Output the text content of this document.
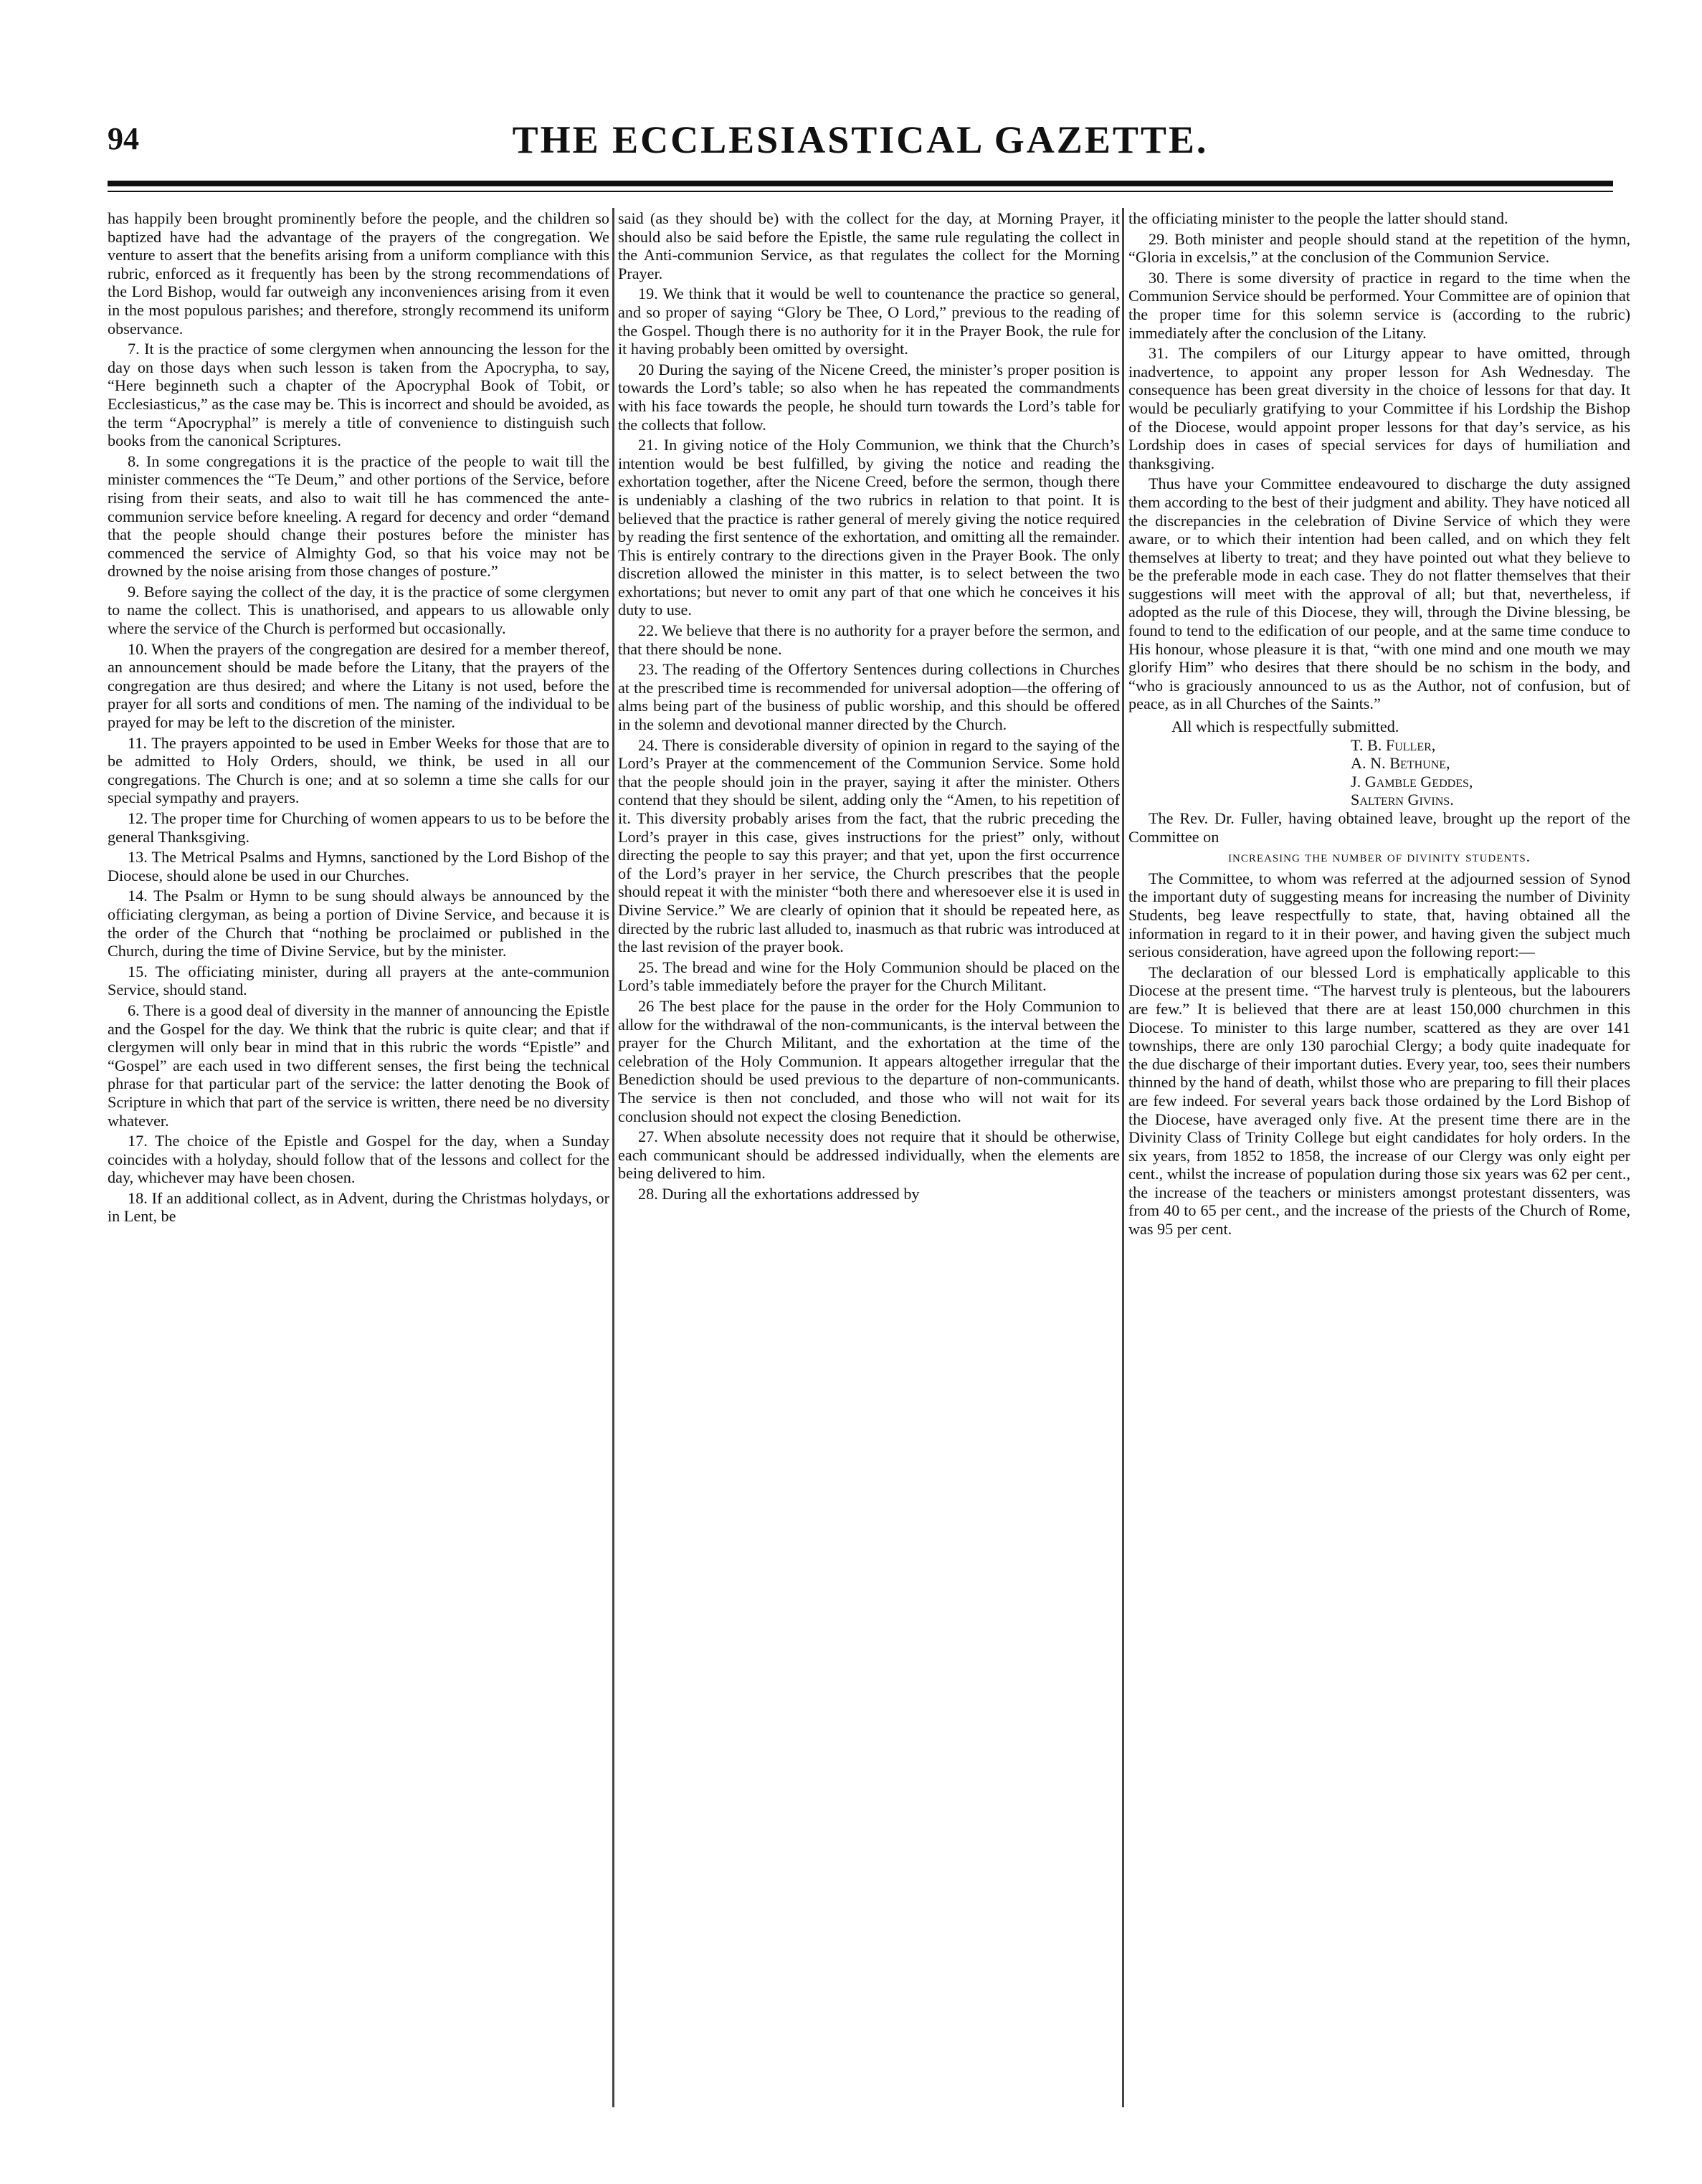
94	THE ECCLESIASTICAL GAZETTE.

has happily been brought prominently before the people, and the children so baptized have had the advantage of the prayers of the congregation. We venture to assert that the benefits arising from a uniform compliance with this rubric, enforced as it frequently has been by the strong recommendations of the Lord Bishop, would far outweigh any inconveniences arising from it even in the most populous parishes; and therefore, strongly recommend its uniform observance.

7. It is the practice of some clergymen when announcing the lesson for the day on those days when such lesson is taken from the Apocrypha, to say, “Here beginneth such a chapter of the Apocryphal Book of Tobit, or Ecclesiasticus,” as the case may be. This is incorrect and should be avoided, as the term “Apocryphal” is merely a title of convenience to distinguish such books from the canonical Scriptures.

8. In some congregations it is the practice of the people to wait till the minister commences the “Te Deum,” and other portions of the Service, before rising from their seats, and also to wait till he has commenced the ante-communion service before kneeling. A regard for decency and order “demand that the people should change their postures before the minister has commenced the service of Almighty God, so that his voice may not be drowned by the noise arising from those changes of posture.”

9. Before saying the collect of the day, it is the practice of some clergymen to name the collect. This is unathorised, and appears to us allowable only where the service of the Church is performed but occasionally.

10. When the prayers of the congregation are desired for a member thereof, an announcement should be made before the Litany, that the prayers of the congregation are thus desired; and where the Litany is not used, before the prayer for all sorts and conditions of men. The naming of the individual to be prayed for may be left to the discretion of the minister.

11. The prayers appointed to be used in Ember Weeks for those that are to be admitted to Holy Orders, should, we think, be used in all our congregations. The Church is one; and at so solemn a time she calls for our special sympathy and prayers.

12. The proper time for Churching of women appears to us to be before the general Thanksgiving.

13. The Metrical Psalms and Hymns, sanctioned by the Lord Bishop of the Diocese, should alone be used in our Churches.

14. The Psalm or Hymn to be sung should always be announced by the officiating clergyman, as being a portion of Divine Service, and because it is the order of the Church that “nothing be proclaimed or published in the Church, during the time of Divine Service, but by the minister.

15. The officiating minister, during all prayers at the ante-communion Service, should stand.

6. There is a good deal of diversity in the manner of announcing the Epistle and the Gospel for the day. We think that the rubric is quite clear; and that if clergymen will only bear in mind that in this rubric the words “Epistle” and “Gospel” are each used in two different senses, the first being the technical phrase for that particular part of the service: the latter denoting the Book of Scripture in which that part of the service is written, there need be no diversity whatever.

17. The choice of the Epistle and Gospel for the day, when a Sunday coincides with a holyday, should follow that of the lessons and collect for the day, whichever may have been chosen.

18. If an additional collect, as in Advent, during the Christmas holydays, or in Lent, be

said (as they should be) with the collect for the day, at Morning Prayer, it should also be said before the Epistle, the same rule regulating the collect in the Anti-communion Service, as that regulates the collect for the Morning Prayer.

19. We think that it would be well to countenance the practice so general, and so proper of saying “Glory be Thee, O Lord,” previous to the reading of the Gospel. Though there is no authority for it in the Prayer Book, the rule for it having probably been omitted by oversight.

20 During the saying of the Nicene Creed, the minister’s proper position is towards the Lord’s table; so also when he has repeated the commandments with his face towards the people, he should turn towards the Lord’s table for the collects that follow.

21. In giving notice of the Holy Communion, we think that the Church’s intention would be best fulfilled, by giving the notice and reading the exhortation together, after the Nicene Creed, before the sermon, though there is undeniably a clashing of the two rubrics in relation to that point. It is believed that the practice is rather general of merely giving the notice required by reading the first sentence of the exhortation, and omitting all the remainder. This is entirely contrary to the directions given in the Prayer Book. The only discretion allowed the minister in this matter, is to select between the two exhortations; but never to omit any part of that one which he conceives it his duty to use.

22. We believe that there is no authority for a prayer before the sermon, and that there should be none.

23. The reading of the Offertory Sentences during collections in Churches at the prescribed time is recommended for universal adoption—the offering of alms being part of the business of public worship, and this should be offered in the solemn and devotional manner directed by the Church.

24. There is considerable diversity of opinion in regard to the saying of the Lord’s Prayer at the commencement of the Communion Service. Some hold that the people should join in the prayer, saying it after the minister. Others contend that they should be silent, adding only the “Amen, to his repetition of it. This diversity probably arises from the fact, that the rubric preceding the Lord’s prayer in this case, gives instructions for the priest” only, without directing the people to say this prayer; and that yet, upon the first occurrence of the Lord’s prayer in her service, the Church prescribes that the people should repeat it with the minister “both there and wheresoever else it is used in Divine Service.” We are clearly of opinion that it should be repeated here, as directed by the rubric last alluded to, inasmuch as that rubric was introduced at the last revision of the prayer book.

25. The bread and wine for the Holy Communion should be placed on the Lord’s table immediately before the prayer for the Church Militant.

26 The best place for the pause in the order for the Holy Communion to allow for the withdrawal of the non-communicants, is the interval between the prayer for the Church Militant, and the exhortation at the time of the celebration of the Holy Communion. It appears altogether irregular that the Benediction should be used previous to the departure of non-communicants. The service is then not concluded, and those who will not wait for its conclusion should not expect the closing Benediction.

27. When absolute necessity does not require that it should be otherwise, each communicant should be addressed individually, when the elements are being delivered to him.

28. During all the exhortations addressed by

the officiating minister to the people the latter should stand.

29. Both minister and people should stand at the repetition of the hymn, “Gloria in excelsis,” at the conclusion of the Communion Service.

30. There is some diversity of practice in regard to the time when the Communion Service should be performed. Your Committee are of opinion that the proper time for this solemn service is (according to the rubric) immediately after the conclusion of the Litany.

31. The compilers of our Liturgy appear to have omitted, through inadvertence, to appoint any proper lesson for Ash Wednesday. The consequence has been great diversity in the choice of lessons for that day. It would be peculiarly gratifying to your Committee if his Lordship the Bishop of the Diocese, would appoint proper lessons for that day’s service, as his Lordship does in cases of special services for days of humiliation and thanksgiving.

Thus have your Committee endeavoured to discharge the duty assigned them according to the best of their judgment and ability. They have noticed all the discrepancies in the celebration of Divine Service of which they were aware, or to which their intention had been called, and on which they felt themselves at liberty to treat; and they have pointed out what they believe to be the preferable mode in each case. They do not flatter themselves that their suggestions will meet with the approval of all; but that, nevertheless, if adopted as the rule of this Diocese, they will, through the Divine blessing, be found to tend to the edification of our people, and at the same time conduce to His honour, whose pleasure it is that, “with one mind and one mouth we may glorify Him” who desires that there should be no schism in the body, and “who is graciously announced to us as the Author, not of confusion, but of peace, as in all Churches of the Saints.”

All which is respectfully submitted.
T. B. Fuller,
A. N. Bethune,
J. Gamble Geddes,
Saltern Givins.

The Rev. Dr. Fuller, having obtained leave, brought up the report of the Committee on

increasing the number of divinity students.

The Committee, to whom was referred at the adjourned session of Synod the important duty of suggesting means for increasing the number of Divinity Students, beg leave respectfully to state, that, having obtained all the information in regard to it in their power, and having given the subject much serious consideration, have agreed upon the following report:—

The declaration of our blessed Lord is emphatically applicable to this Diocese at the present time. “The harvest truly is plenteous, but the labourers are few.” It is believed that there are at least 150,000 churchmen in this Diocese. To minister to this large number, scattered as they are over 141 townships, there are only 130 parochial Clergy; a body quite inadequate for the due discharge of their important duties. Every year, too, sees their numbers thinned by the hand of death, whilst those who are preparing to fill their places are few indeed. For several years back those ordained by the Lord Bishop of the Diocese, have averaged only five. At the present time there are in the Divinity Class of Trinity College but eight candidates for holy orders. In the six years, from 1852 to 1858, the increase of our Clergy was only eight per cent., whilst the increase of population during those six years was 62 per cent., the increase of the teachers or ministers amongst protestant dissenters, was from 40 to 65 per cent., and the increase of the priests of the Church of Rome, was 95 per cent.
